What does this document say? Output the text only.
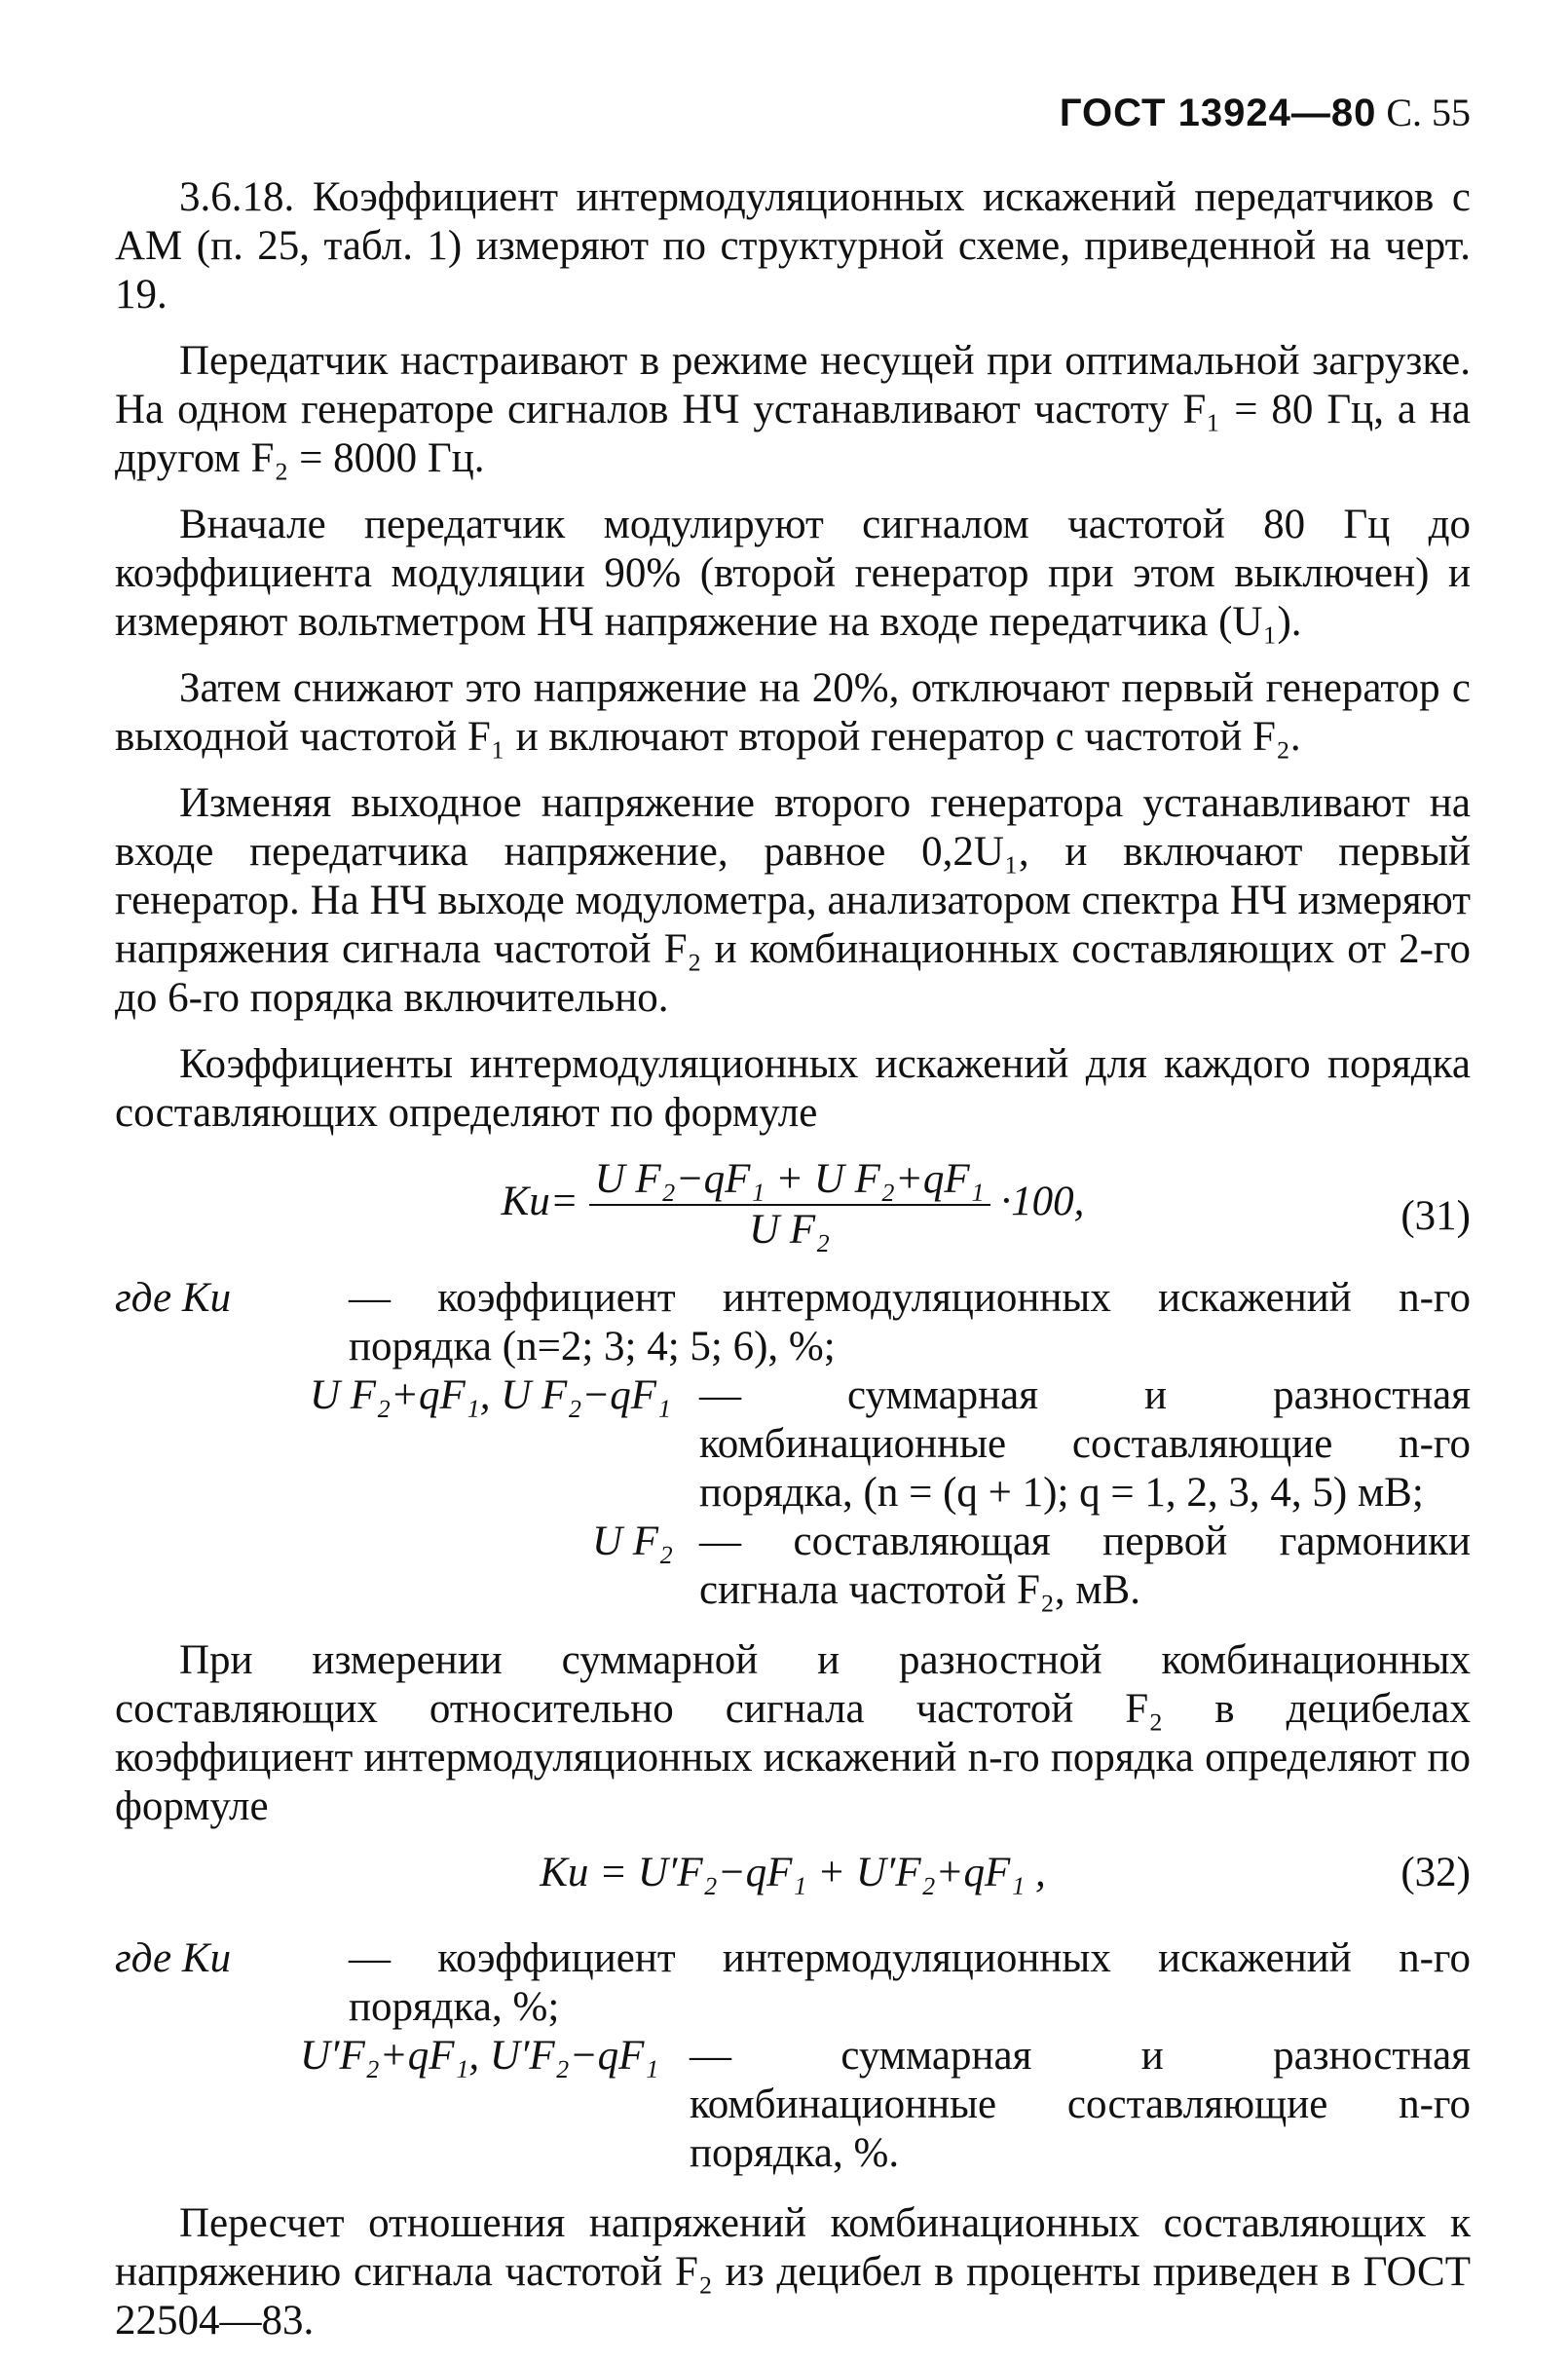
ГОСТ 13924—80 С. 55

3.6.18. Коэффициент интермодуляционных искажений передатчиков с АМ (п. 25, табл. 1) измеряют по структурной схеме, приведенной на черт. 19.

Передатчик настраивают в режиме несущей при оптимальной загрузке. На одном генераторе сигналов НЧ устанавливают частоту F₁ = 80 Гц, а на другом F₂ = 8000 Гц.

Вначале передатчик модулируют сигналом частотой 80 Гц до коэффициента модуляции 90% (второй генератор при этом выключен) и измеряют вольтметром НЧ напряжение на входе передатчика (U₁).

Затем снижают это напряжение на 20%, отключают первый генератор с выходной частотой F₁ и включают второй генератор с частотой F₂.

Изменяя выходное напряжение второго генератора устанавливают на входе передатчика напряжение, равное 0,2U₁, и включают первый генератор. На НЧ выходе модулометра, анализатором спектра НЧ измеряют напряжения сигнала частотой F₂ и комбинационных составляющих от 2-го до 6-го порядка включительно.

Коэффициенты интермодуляционных искажений для каждого порядка составляющих определяют по формуле

$Kи= \frac{\text{U F₂−qF₁ + U F₂+qF₁}}{\text{U F₂}} \cdot 100$,	(31)
где Kи	— коэффициент интермодуляционных искажений n-го порядка (n=2; 3; 4; 5; 6), %;
U F₂+qF₁, U F₂−qF₁ — суммарная и разностная комбинационные составляющие n-го порядка, (n = (q + 1); q = 1, 2, 3, 4, 5) мВ;
U F₂ — составляющая первой гармоники сигнала частотой F₂, мВ.

При измерении суммарной и разностной комбинационных составляющих относительно сигнала частотой F₂ в децибелах коэффициент интермодуляционных искажений n-го порядка определяют по формуле

Kи = U′F₂−qF₁ + U′F₂+qF₁ ,	(32)
где Kи	— коэффициент интермодуляционных искажений n-го порядка, %;
U′F₂+qF₁, U′F₂−qF₁ — суммарная и разностная комбинационные составляющие n-го порядка, %.

Пересчет отношения напряжений комбинационных составляющих к напряжению сигнала частотой F₂ из децибел в проценты приведен в ГОСТ 22504—83.
